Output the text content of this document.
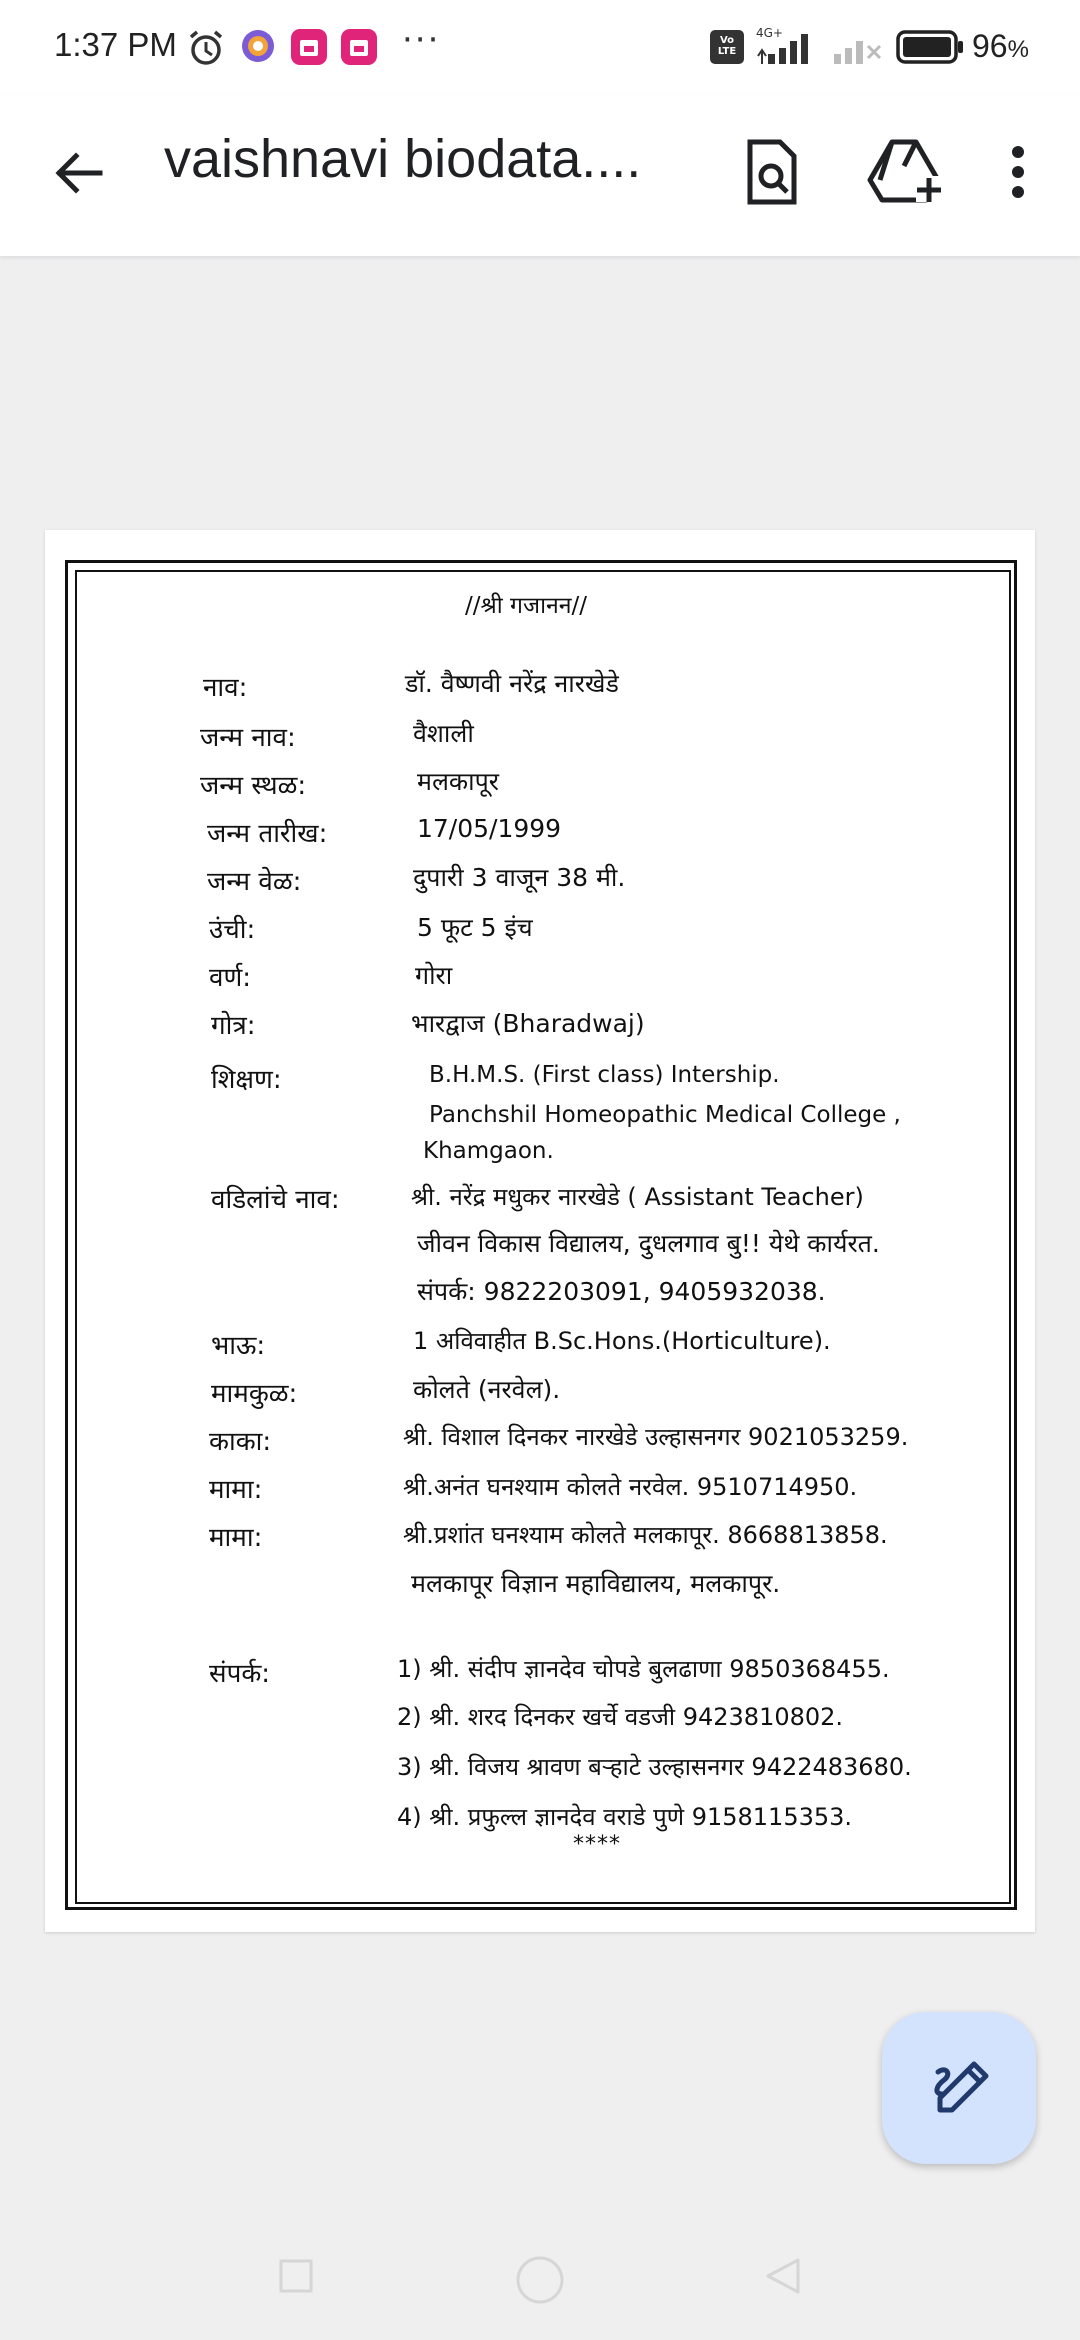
1:37 PM	···	Vo LTE
4G+	96%
vaishnavi biodata....
//श्री गजानन//
नाव:	डॉ. वैष्णवी नरेंद्र नारखेडे
जन्म नाव:	वैशाली
जन्म स्थळ:	मलकापूर
जन्म तारीख:	17/05/1999
जन्म वेळ:	दुपारी 3 वाजून 38 मी.
उंची:	5 फूट 5 इंच
वर्ण:	गोरा
गोत्र:	भारद्वाज (Bharadwaj)
शिक्षण:	B.H.M.S. (First class) Intership.
Panchshil Homeopathic Medical College ,
Khamgaon.
वडिलांचे नाव:	श्री. नरेंद्र मधुकर नारखेडे ( Assistant Teacher)
जीवन विकास विद्यालय, दुधलगाव बु!! येथे कार्यरत.
संपर्क: 9822203091, 9405932038.
भाऊ:	1 अविवाहीत B.Sc.Hons.(Horticulture).
मामकुळ:	कोलते (नरवेल).
काका:	श्री. विशाल दिनकर नारखेडे उल्हासनगर 9021053259.
मामा:	श्री.अनंत घनश्याम कोलते नरवेल. 9510714950.
मामा:	श्री.प्रशांत घनश्याम कोलते मलकापूर. 8668813858.
मलकापूर विज्ञान महाविद्यालय, मलकापूर.
संपर्क:	1) श्री. संदीप ज्ञानदेव चोपडे बुलढाणा 9850368455.
2) श्री. शरद दिनकर खर्चे वडजी 9423810802.
3) श्री. विजय श्रावण बर्‍हाटे उल्हासनगर 9422483680.
4) श्री. प्रफुल्ल ज्ञानदेव वराडे पुणे 9158115353.
****
